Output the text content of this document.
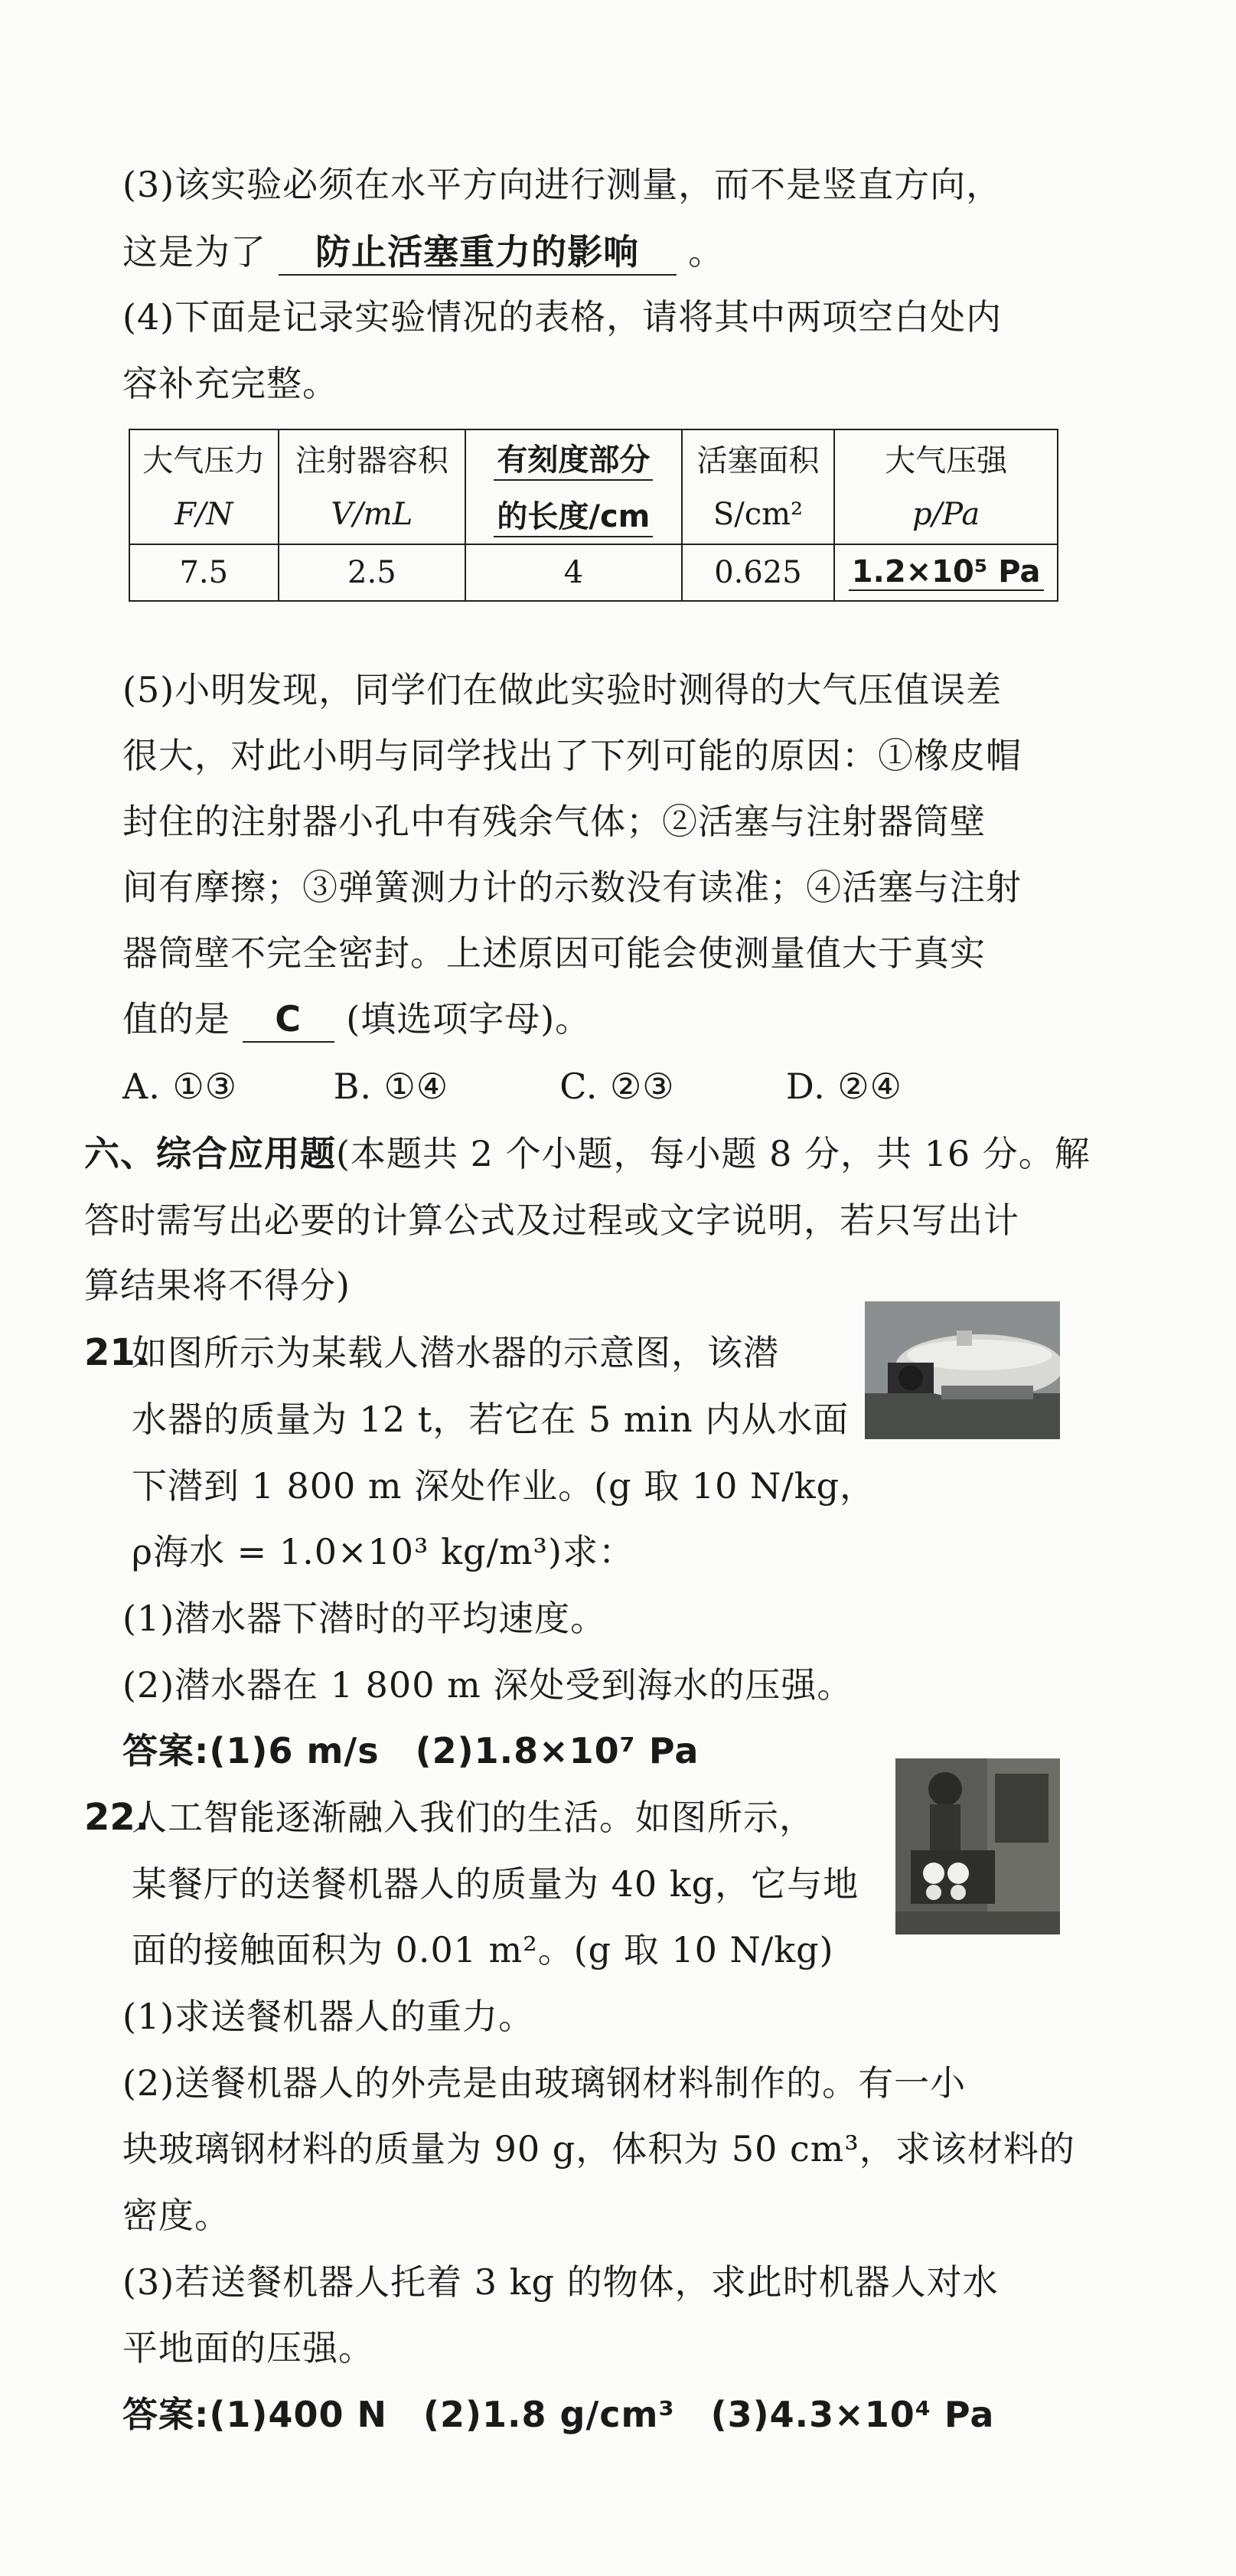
(3)该实验必须在水平方向进行测量，而不是竖直方向，
这是为了 防止活塞重力的影响 。
(4)下面是记录实验情况的表格，请将其中两项空白处内
容补充完整。
大气压力	注射器容积	有刻度部分	活塞面积	大气压强
F/N	V/mL	的长度/cm	S/cm²	p/Pa
7.5	2.5	4	0.625	1.2×10⁵ Pa
(5)小明发现，同学们在做此实验时测得的大气压值误差
很大，对此小明与同学找出了下列可能的原因：①橡皮帽
封住的注射器小孔中有残余气体；②活塞与注射器筒壁
间有摩擦；③弹簧测力计的示数没有读准；④活塞与注射
器筒壁不完全密封。上述原因可能会使测量值大于真实
值的是 C (填选项字母)。
A. ①③	B. ①④	C. ②③	D. ②④
六、综合应用题(本题共 2 个小题，每小题 8 分，共 16 分。解
答时需写出必要的计算公式及过程或文字说明，若只写出计
算结果将不得分)
21.
如图所示为某载人潜水器的示意图，该潜
水器的质量为 12 t，若它在 5 min 内从水面
下潜到 1 800 m 深处作业。(g 取 10 N/kg，
ρ海水 = 1.0×10³ kg/m³)求：
(1)潜水器下潜时的平均速度。
(2)潜水器在 1 800 m 深处受到海水的压强。
答案:(1)6 m/s　(2)1.8×10⁷ Pa
22.
人工智能逐渐融入我们的生活。如图所示，
某餐厅的送餐机器人的质量为 40 kg，它与地
面的接触面积为 0.01 m²。(g 取 10 N/kg)
(1)求送餐机器人的重力。
(2)送餐机器人的外壳是由玻璃钢材料制作的。有一小
块玻璃钢材料的质量为 90 g，体积为 50 cm³，求该材料的
密度。
(3)若送餐机器人托着 3 kg 的物体，求此时机器人对水
平地面的压强。
答案:(1)400 N　(2)1.8 g/cm³　(3)4.3×10⁴ Pa
